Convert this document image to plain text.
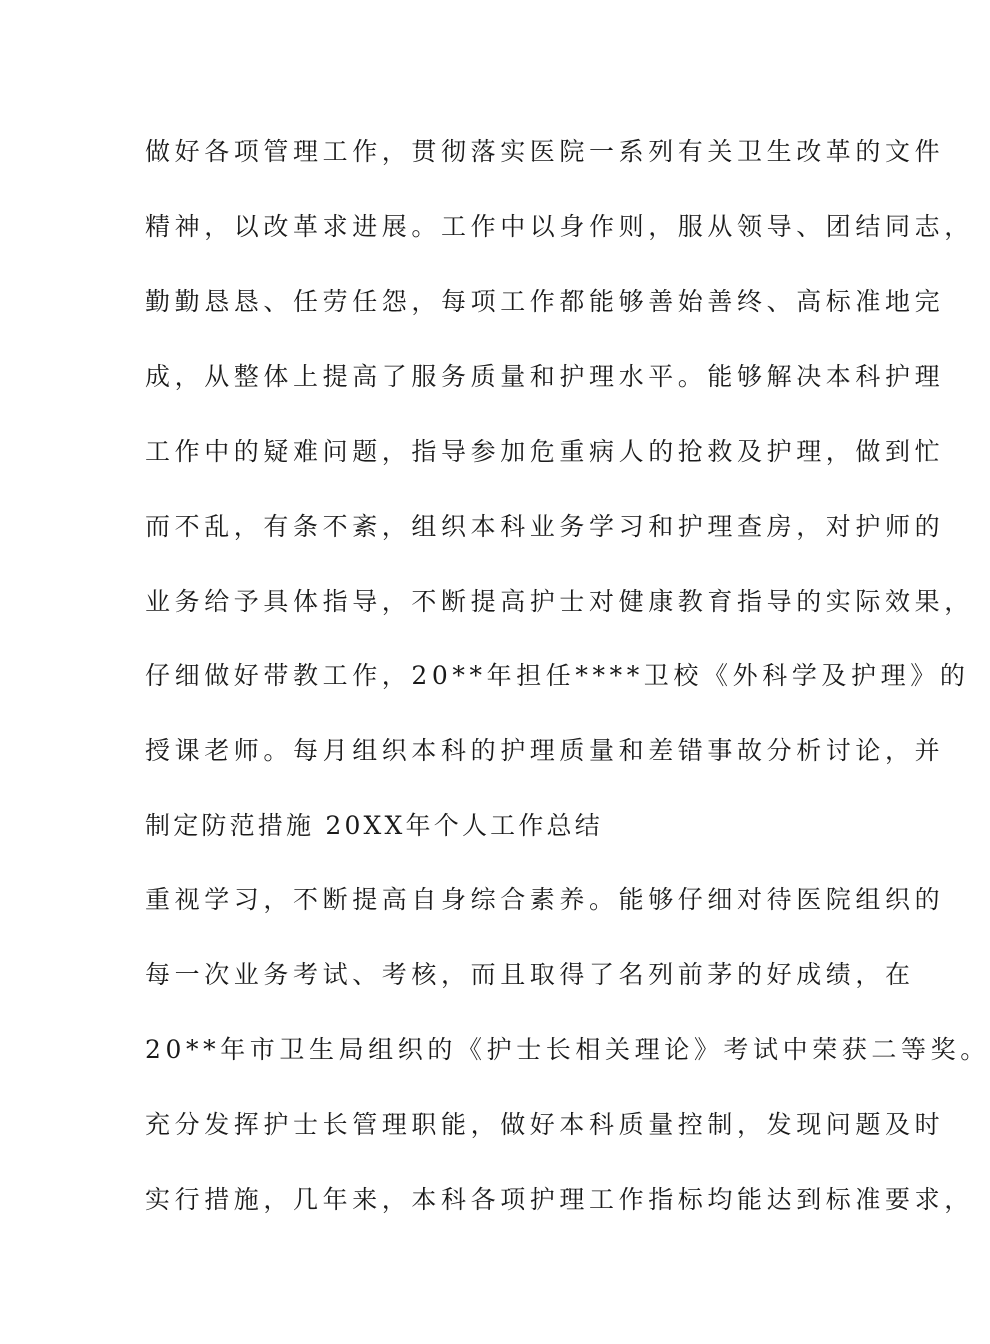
做好各项管理工作，贯彻落实医院一系列有关卫生改革的文件
精神，以改革求进展。工作中以身作则，服从领导、团结同志，
勤勤恳恳、任劳任怨，每项工作都能够善始善终、高标准地完
成，从整体上提高了服务质量和护理水平。能够解决本科护理
工作中的疑难问题，指导参加危重病人的抢救及护理，做到忙
而不乱，有条不紊，组织本科业务学习和护理查房，对护师的
业务给予具体指导，不断提高护士对健康教育指导的实际效果，
仔细做好带教工作，20**年担任****卫校《外科学及护理》的
授课老师。每月组织本科的护理质量和差错事故分析讨论，并
制定防范措施 20XX年个人工作总结
重视学习，不断提高自身综合素养。能够仔细对待医院组织的
每一次业务考试、考核，而且取得了名列前茅的好成绩，在
20**年市卫生局组织的《护士长相关理论》考试中荣获二等奖。
充分发挥护士长管理职能，做好本科质量控制，发现问题及时
实行措施，几年来，本科各项护理工作指标均能达到标准要求，
